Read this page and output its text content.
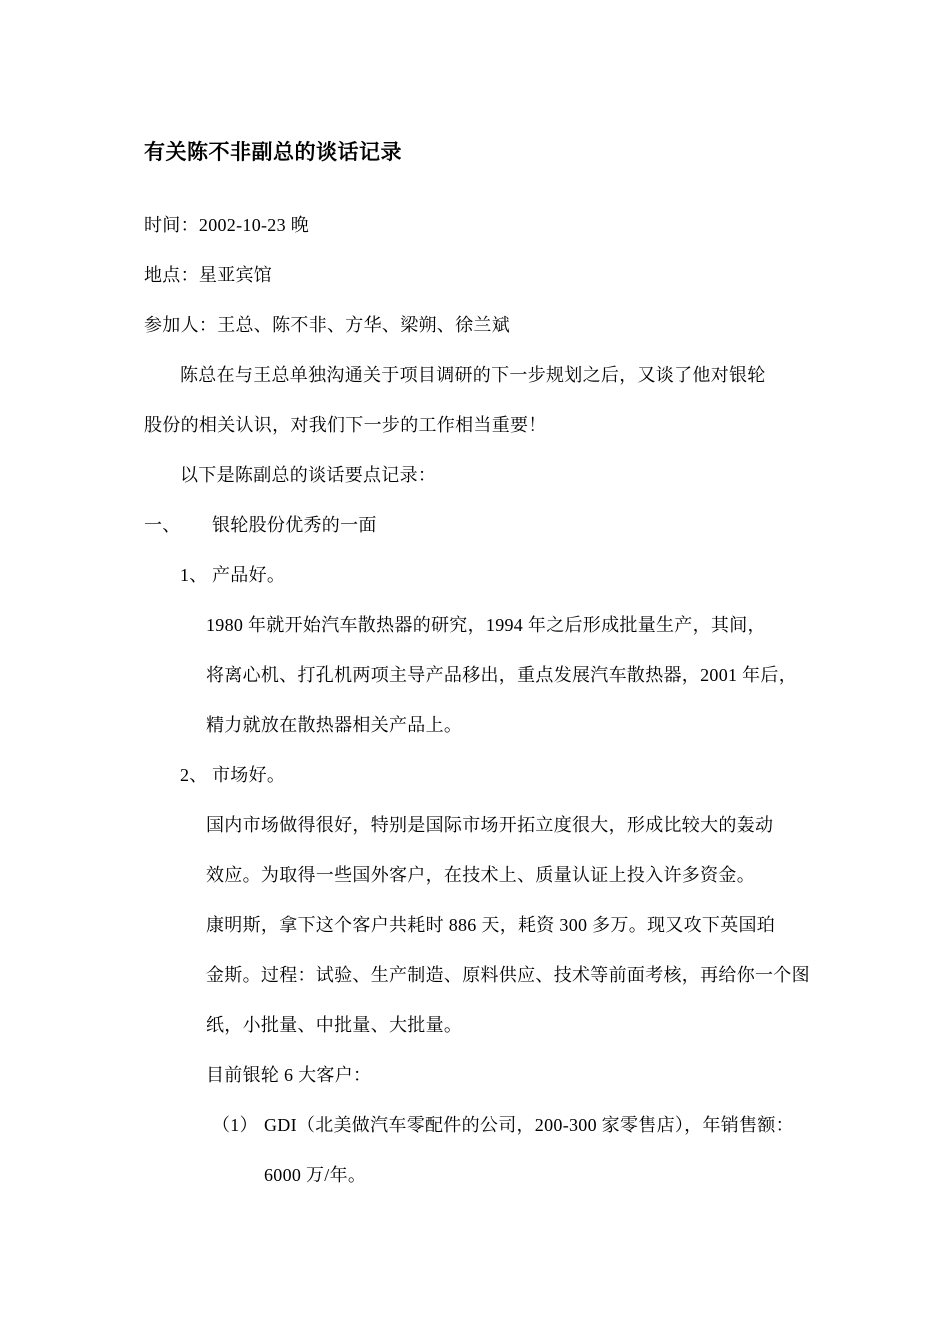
有关陈不非副总的谈话记录
时间：2002-10-23 晚
地点：星亚宾馆
参加人：王总、陈不非、方华、梁朔、徐兰斌
陈总在与王总单独沟通关于项目调研的下一步规划之后，又谈了他对银轮
股份的相关认识，对我们下一步的工作相当重要！
以下是陈副总的谈话要点记录：
一、 银轮股份优秀的一面
1、 产品好。
1980 年就开始汽车散热器的研究，1994 年之后形成批量生产，其间，
将离心机、打孔机两项主导产品移出，重点发展汽车散热器，2001 年后，
精力就放在散热器相关产品上。
2、 市场好。
国内市场做得很好，特别是国际市场开拓立度很大，形成比较大的轰动
效应。为取得一些国外客户，在技术上、质量认证上投入许多资金。
康明斯，拿下这个客户共耗时 886 天，耗资 300 多万。现又攻下英国珀
金斯。过程：试验、生产制造、原料供应、技术等前面考核，再给你一个图
纸，小批量、中批量、大批量。
目前银轮 6 大客户：
（1） GDI（北美做汽车零配件的公司，200-300 家零售店），年销售额：
6000 万/年。
